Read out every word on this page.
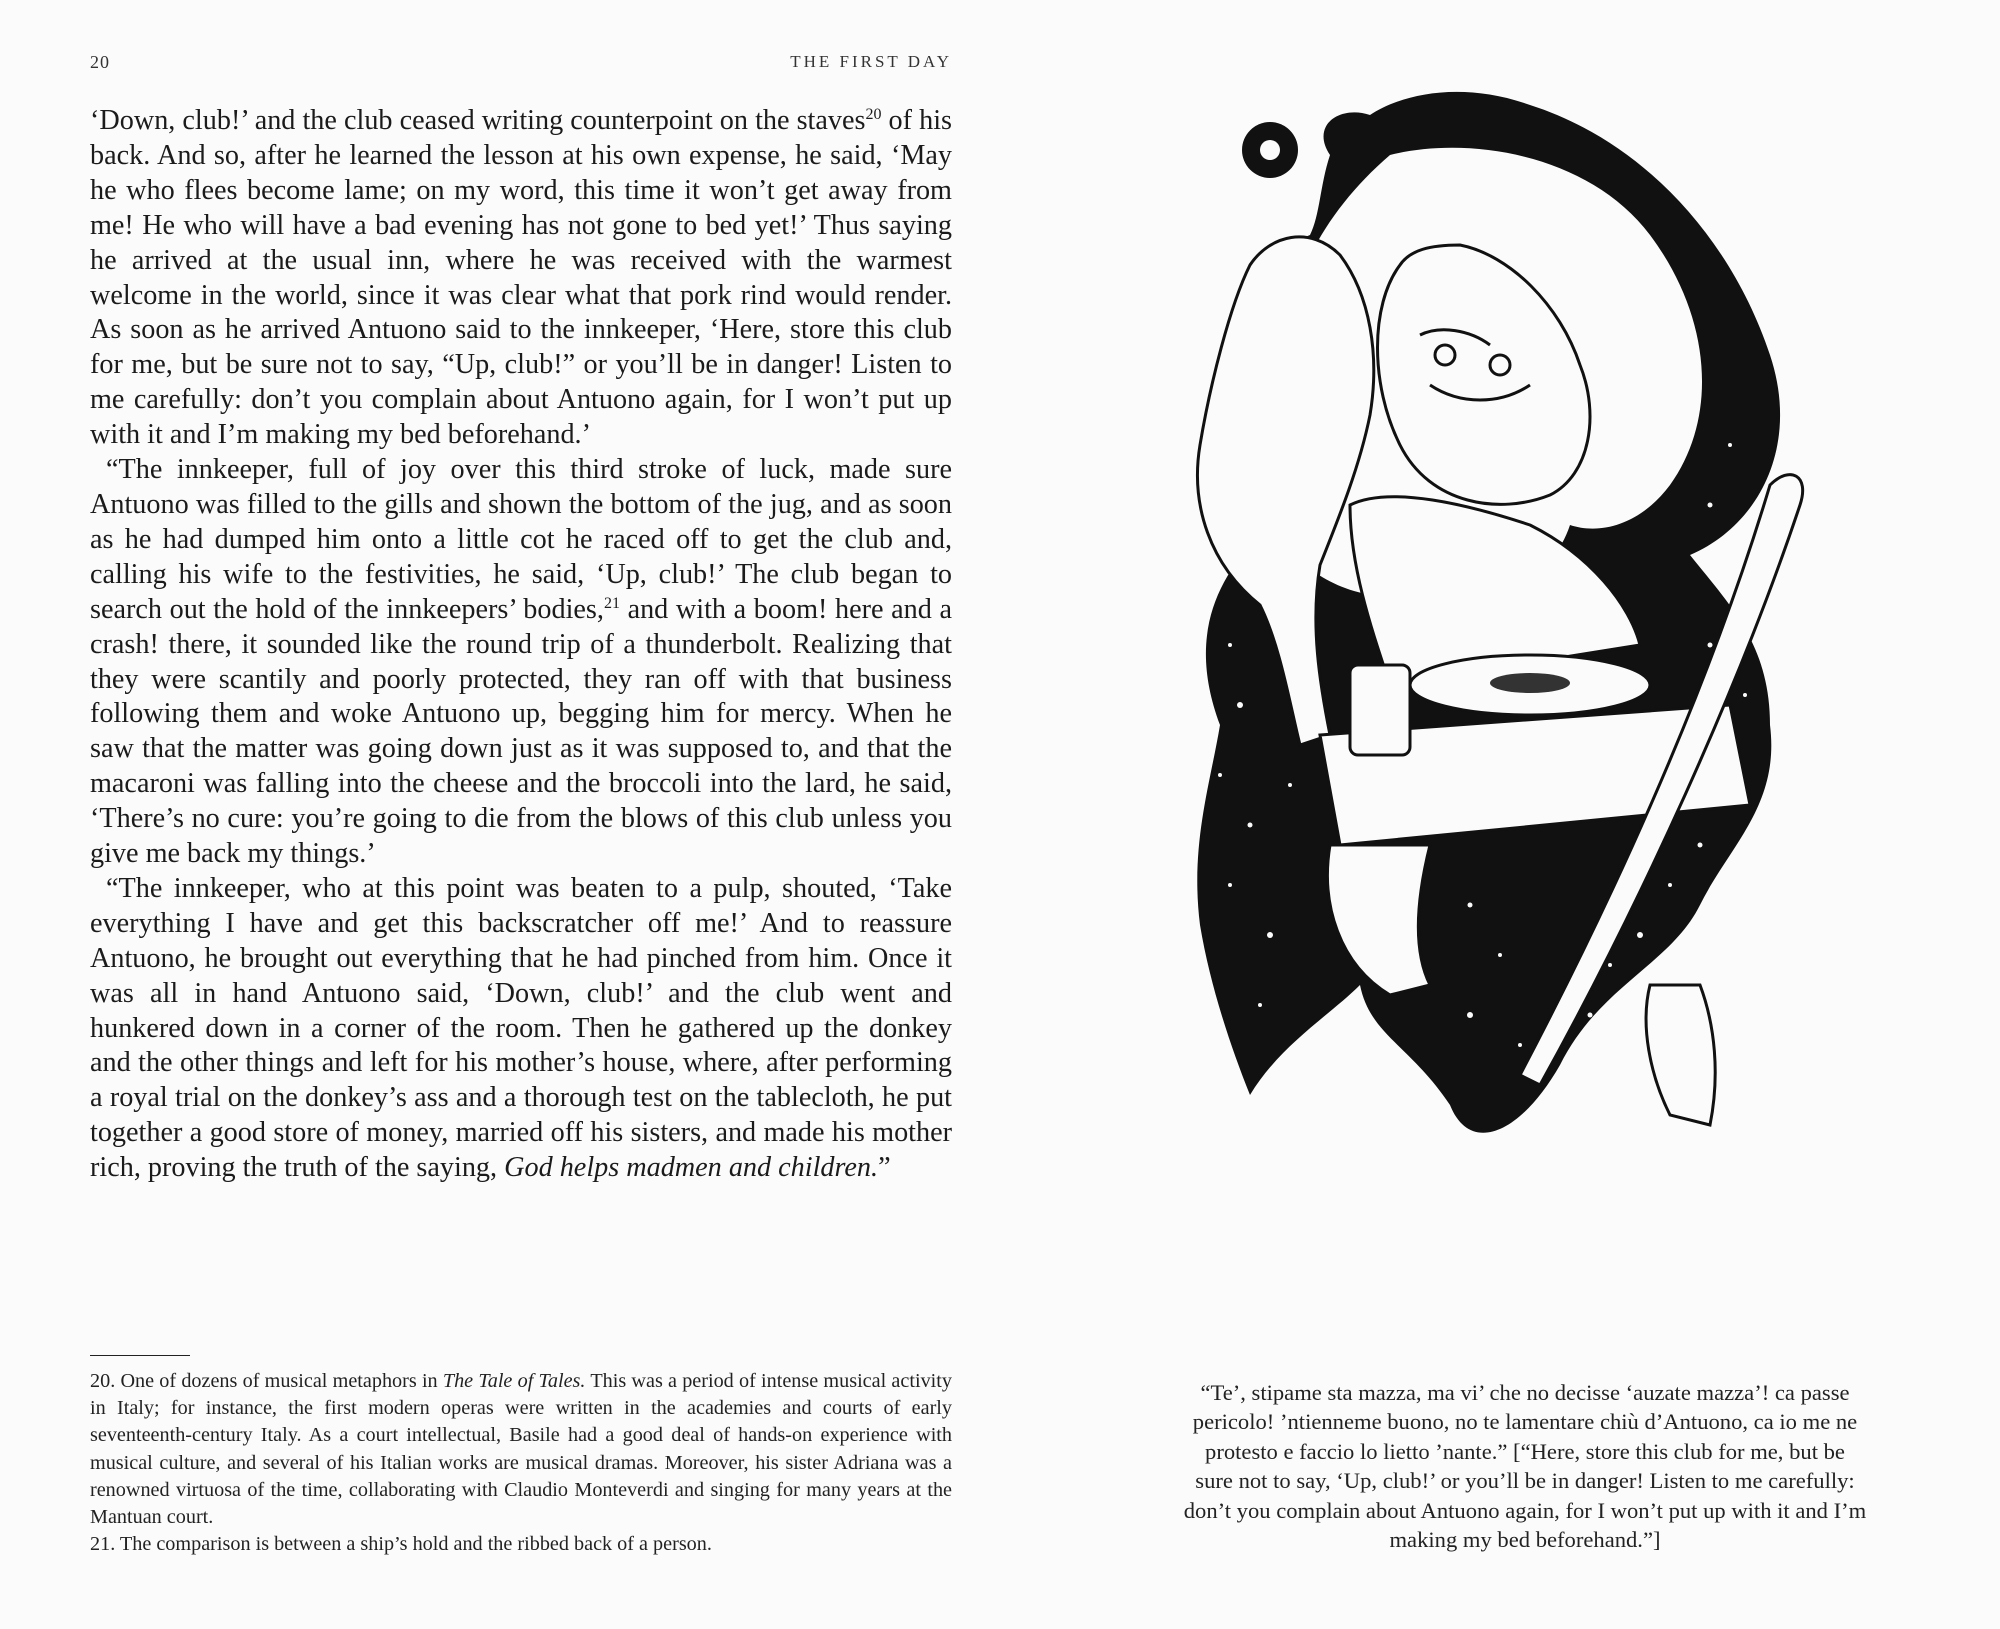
20	THE FIRST DAY

‘Down, club!’ and the club ceased writing counterpoint on the staves$^{20}$ of his back. And so, after he learned the lesson at his own expense, he said, ‘May he who flees become lame; on my word, this time it won’t get away from me! He who will have a bad evening has not gone to bed yet!’ Thus saying he arrived at the usual inn, where he was received with the warmest welcome in the world, since it was clear what that pork rind would render. As soon as he arrived Antuono said to the innkeeper, ‘Here, store this club for me, but be sure not to say, “Up, club!” or you’ll be in danger! Listen to me carefully: don’t you complain about Antuono again, for I won’t put up with it and I’m making my bed beforehand.’

“The innkeeper, full of joy over this third stroke of luck, made sure Antuono was filled to the gills and shown the bottom of the jug, and as soon as he had dumped him onto a little cot he raced off to get the club and, calling his wife to the festivities, he said, ‘Up, club!’ The club began to search out the hold of the innkeepers’ bodies,$^{21}$ and with a boom! here and a crash! there, it sounded like the round trip of a thunderbolt. Realizing that they were scantily and poorly protected, they ran off with that business following them and woke Antuono up, begging him for mercy. When he saw that the matter was going down just as it was supposed to, and that the macaroni was falling into the cheese and the broccoli into the lard, he said, ‘There’s no cure: you’re going to die from the blows of this club unless you give me back my things.’

“The innkeeper, who at this point was beaten to a pulp, shouted, ‘Take everything I have and get this backscratcher off me!’ And to reassure Antuono, he brought out everything that he had pinched from him. Once it was all in hand Antuono said, ‘Down, club!’ and the club went and hunkered down in a corner of the room. Then he gathered up the donkey and the other things and left for his mother’s house, where, after performing a royal trial on the donkey’s ass and a thorough test on the tablecloth, he put together a good store of money, married off his sisters, and made his mother rich, proving the truth of the saying, God helps madmen and children.”

20. One of dozens of musical metaphors in The Tale of Tales. This was a period of intense musical activity in Italy; for instance, the first modern operas were written in the academies and courts of early seventeenth-century Italy. As a court intellectual, Basile had a good deal of hands-on experience with musical culture, and several of his Italian works are musical dramas. Moreover, his sister Adriana was a renowned virtuosa of the time, collaborating with Claudio Monteverdi and singing for many years at the Mantuan court.

21. The comparison is between a ship’s hold and the ribbed back of a person.

“Te’, stipame sta mazza, ma vi’ che no decisse ‘auzate mazza’! ca passe
pericolo! ’ntienneme buono, no te lamentare chiù d’Antuono, ca io me ne
protesto e faccio lo lietto ’nante.” [“Here, store this club for me, but be
sure not to say, ‘Up, club!’ or you’ll be in danger! Listen to me carefully:
don’t you complain about Antuono again, for I won’t put up with it and I’m
making my bed beforehand.”]
